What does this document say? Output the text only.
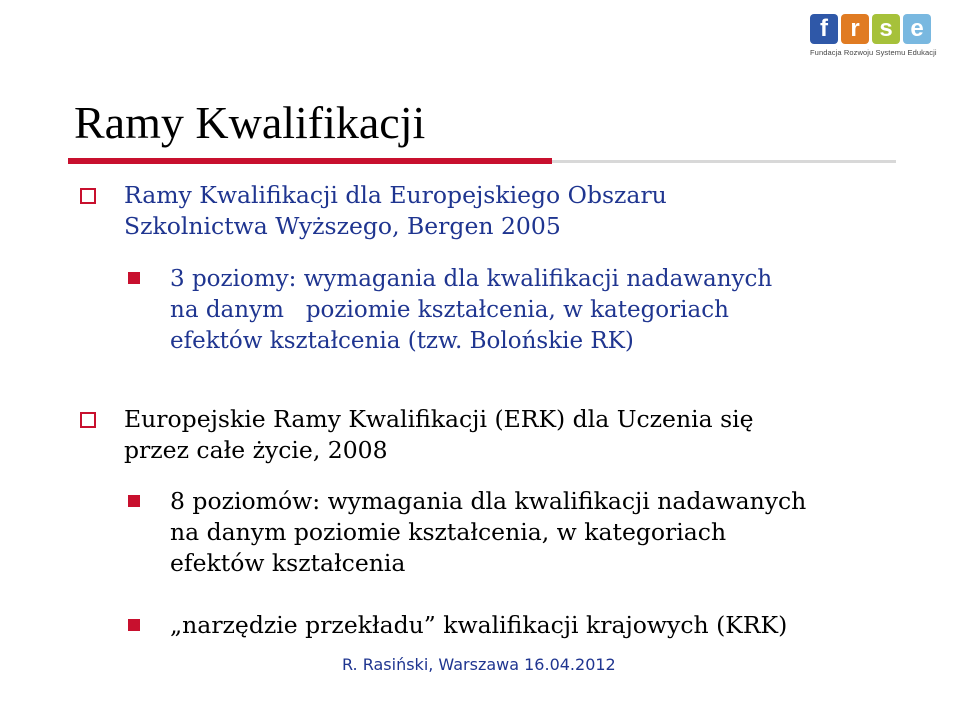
f r s e
Fundacja Rozwoju Systemu Edukacji
Ramy Kwalifikacji
Ramy Kwalifikacji dla Europejskiego Obszaru
Szkolnictwa Wyższego, Bergen 2005
3 poziomy: wymagania dla kwalifikacji nadawanych
na danym   poziomie kształcenia, w kategoriach
efektów kształcenia (tzw. Bolońskie RK)
Europejskie Ramy Kwalifikacji (ERK) dla Uczenia się
przez całe życie, 2008
8 poziomów: wymagania dla kwalifikacji nadawanych
na danym poziomie kształcenia, w kategoriach
efektów kształcenia
„narzędzie przekładu” kwalifikacji krajowych (KRK)
R. Rasiński, Warszawa 16.04.2012
